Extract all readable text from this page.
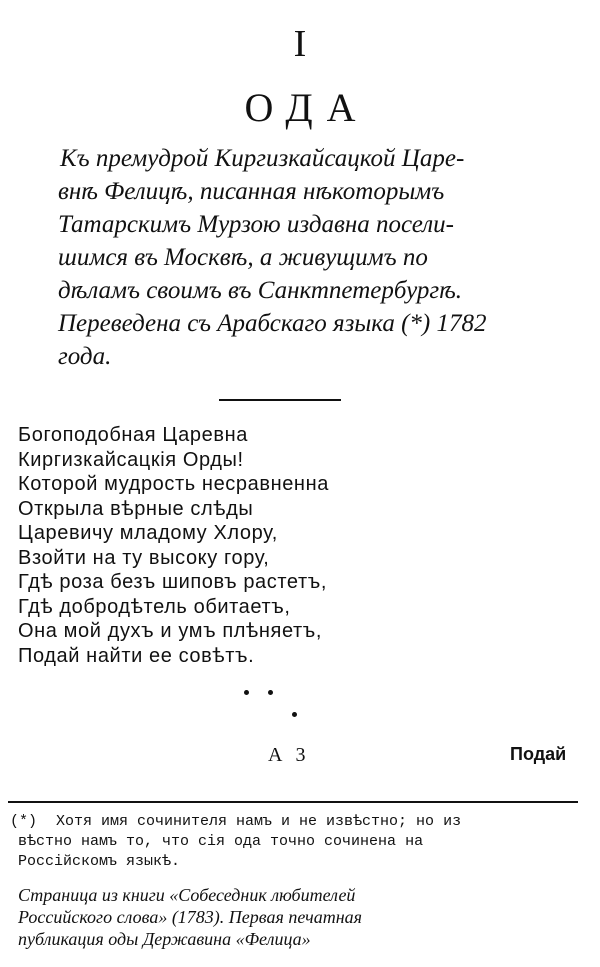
I
ОДА
Къ премудрой Киргизкайсацкой Царе-
внѣ Фелицѣ, писанная нѣкоторымъ
Татарскимъ Мурзою издавна посели-
шимся въ Москвѣ, а живущимъ по
дѣламъ своимъ въ Санктпетербургѣ.
Переведена съ Арабскаго языка (*) 1782
года.
Богоподобная Царевна
Киргизкайсацкія Орды!
Которой мудрость несравненна
Открыла вѣрные слѣды
Царевичу младому Хлору,
Взойти на ту высоку гору,
Гдѣ роза безъ шиповъ растетъ,
Гдѣ добродѣтель обитаетъ,
Она мой духъ и умъ плѣняетъ,
Подай найти ее совѣтъ.
А 3	Подай
(*) Хотя имя сочинителя намъ и не извѣстно; но из
вѣстно намъ то, что сія ода точно сочинена на
Россійскомъ языкѣ.
Страница из книги «Собеседник любителей
Российского слова» (1783). Первая печатная
публикация оды Державина «Фелица»
